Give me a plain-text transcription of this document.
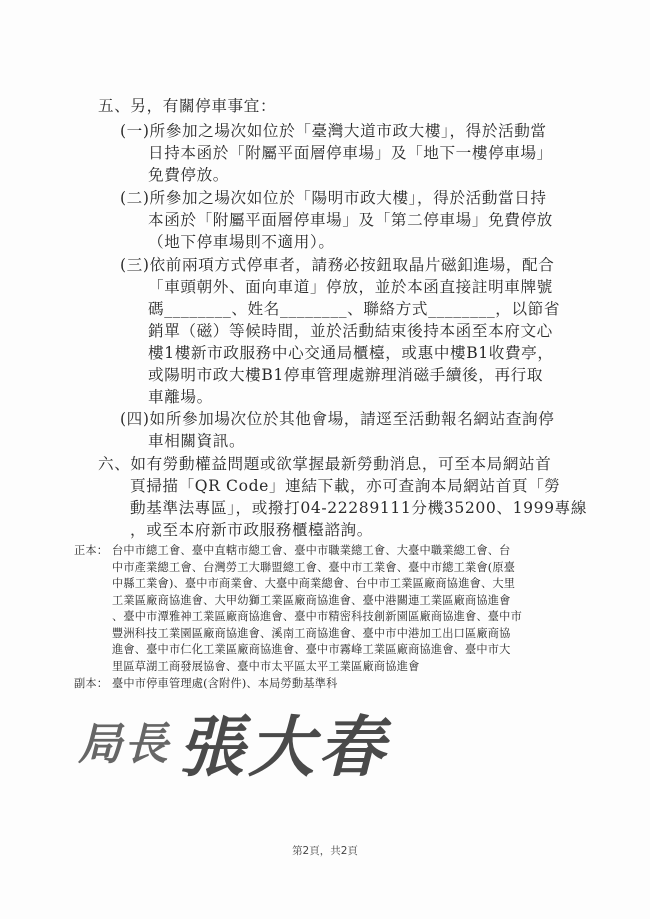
五、另，有關停車事宜：
(一)所參加之場次如位於「臺灣大道市政大樓」，得於活動當
日持本函於「附屬平面層停車場」及「地下一樓停車場」
免費停放。
(二)所參加之場次如位於「陽明市政大樓」，得於活動當日持
本函於「附屬平面層停車場」及「第二停車場」免費停放
（地下停車場則不適用）。
(三)依前兩項方式停車者，請務必按鈕取晶片磁釦進場，配合
「車頭朝外、面向車道」停放，並於本函直接註明車牌號
碼________、姓名________、聯絡方式________，以節省
銷單（磁）等候時間，並於活動結束後持本函至本府文心
樓1樓新市政服務中心交通局櫃檯，或惠中樓B1收費亭，
或陽明市政大樓B1停車管理處辦理消磁手續後，再行取
車離場。
(四)如所參加場次位於其他會場，請逕至活動報名網站查詢停
車相關資訊。
六、如有勞動權益問題或欲掌握最新勞動消息，可至本局網站首
頁掃描「QR Code」連結下載，亦可查詢本局網站首頁「勞
動基準法專區」，或撥打04-22289111分機35200、1999專線
，或至本府新市政服務櫃檯諮詢。
正本： 台中市總工會、臺中直轄市總工會、臺中市職業總工會、大臺中職業總工會、台
中市產業總工會、台灣勞工大聯盟總工會、臺中市工業會、臺中市總工業會(原臺
中縣工業會)、臺中市商業會、大臺中商業總會、台中市工業區廠商協進會、大里
工業區廠商協進會、大甲幼獅工業區廠商協進會、臺中港關連工業區廠商協進會
、臺中市潭雅神工業區廠商協進會、臺中市精密科技創新園區廠商協進會、臺中市
豐洲科技工業園區廠商協進會、溪南工商協進會、臺中市中港加工出口區廠商協
進會、臺中市仁化工業區廠商協進會、臺中市霧峰工業區廠商協進會、臺中市大
里區草湖工商發展協會、臺中市太平區太平工業區廠商協進會
副本： 臺中市停車管理處(含附件)、本局勞動基準科
局長 張大春
第2頁，共2頁
